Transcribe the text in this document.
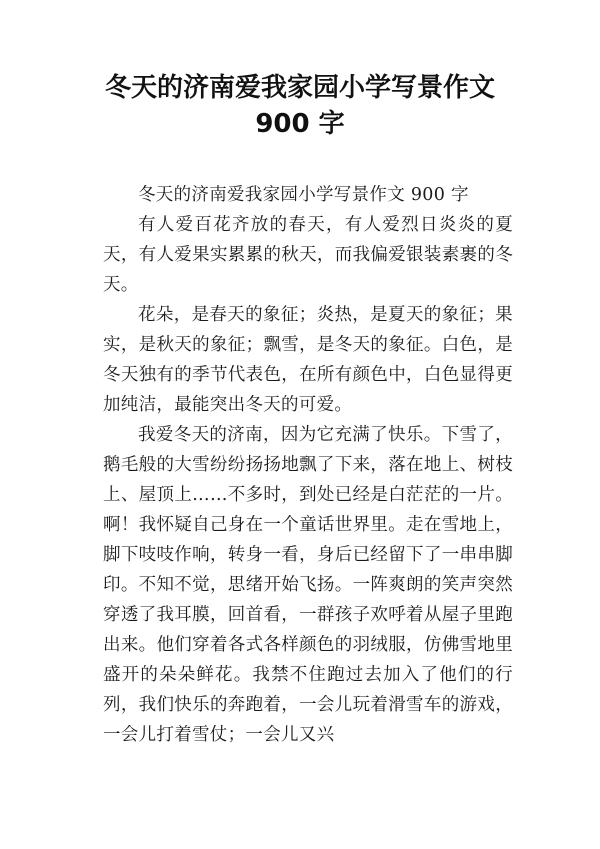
冬天的济南爱我家园小学写景作文
900 字

冬天的济南爱我家园小学写景作文 900 字

有人爱百花齐放的春天，有人爱烈日炎炎的夏天，有人爱果实累累的秋天，而我偏爱银装素裹的冬天。

花朵，是春天的象征；炎热，是夏天的象征；果实，是秋天的象征；飘雪，是冬天的象征。白色，是冬天独有的季节代表色，在所有颜色中，白色显得更加纯洁，最能突出冬天的可爱。

我爱冬天的济南，因为它充满了快乐。下雪了，鹅毛般的大雪纷纷扬扬地飘了下来，落在地上、树枝上、屋顶上……不多时，到处已经是白茫茫的一片。啊！我怀疑自己身在一个童话世界里。走在雪地上，脚下吱吱作响，转身一看，身后已经留下了一串串脚印。不知不觉，思绪开始飞扬。一阵爽朗的笑声突然穿透了我耳膜，回首看，一群孩子欢呼着从屋子里跑出来。他们穿着各式各样颜色的羽绒服，仿佛雪地里盛开的朵朵鲜花。我禁不住跑过去加入了他们的行列，我们快乐的奔跑着，一会儿玩着滑雪车的游戏，一会儿打着雪仗；一会儿又兴
